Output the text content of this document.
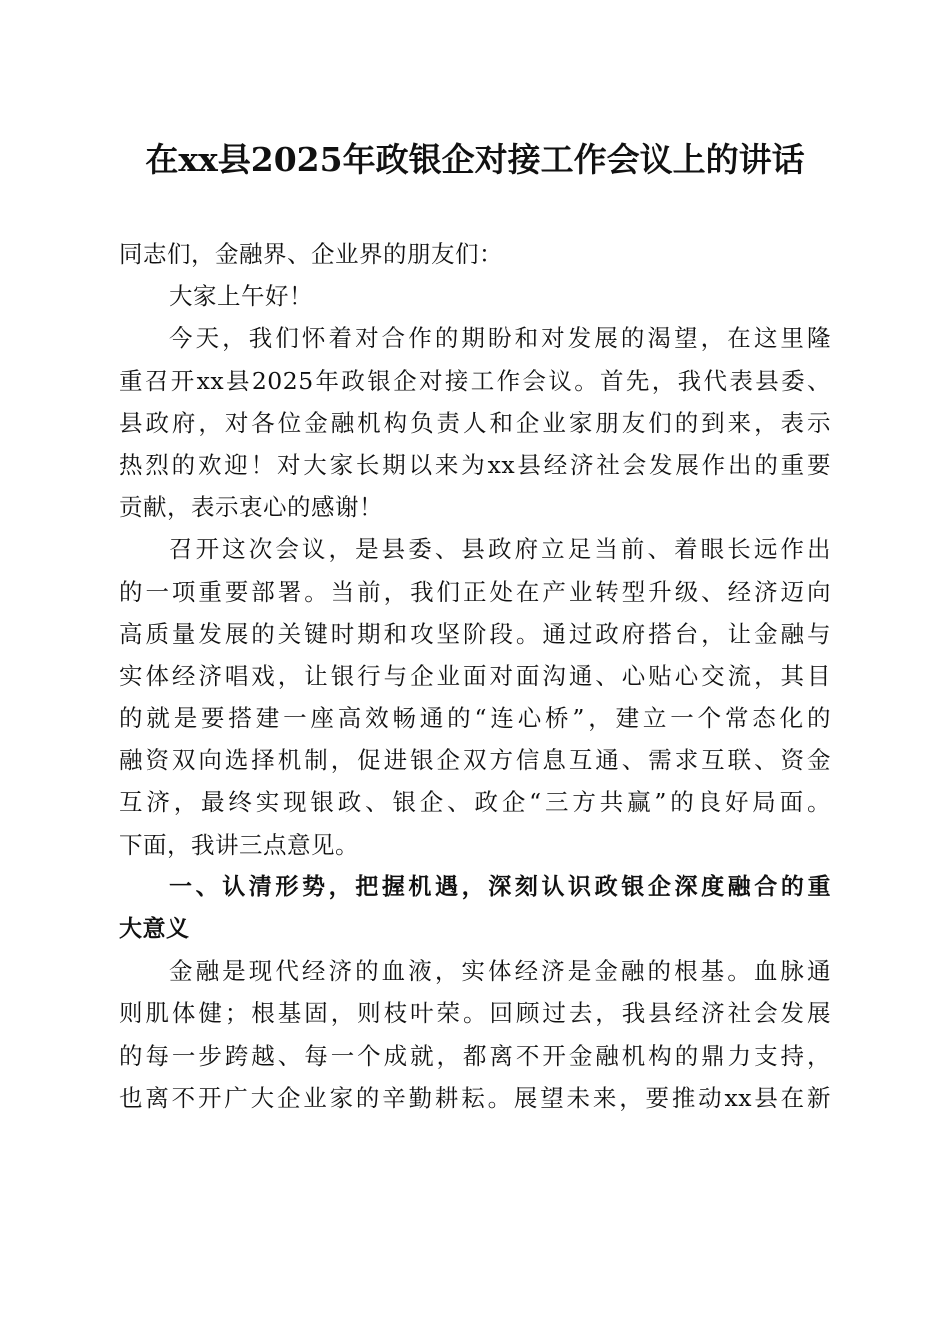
在xx县2025年政银企对接工作会议上的讲话
同志们，金融界、企业界的朋友们：
大家上午好！
今天，我们怀着对合作的期盼和对发展的渴望，在这里隆
重召开xx县2025年政银企对接工作会议。首先，我代表县委、
县政府，对各位金融机构负责人和企业家朋友们的到来，表示
热烈的欢迎！对大家长期以来为xx县经济社会发展作出的重要
贡献，表示衷心的感谢！
召开这次会议，是县委、县政府立足当前、着眼长远作出
的一项重要部署。当前，我们正处在产业转型升级、经济迈向
高质量发展的关键时期和攻坚阶段。通过政府搭台，让金融与
实体经济唱戏，让银行与企业面对面沟通、心贴心交流，其目
的就是要搭建一座高效畅通的“连心桥”，建立一个常态化的
融资双向选择机制，促进银企双方信息互通、需求互联、资金
互济，最终实现银政、银企、政企“三方共赢”的良好局面。
下面，我讲三点意见。
一、认清形势，把握机遇，深刻认识政银企深度融合的重
大意义
金融是现代经济的血液，实体经济是金融的根基。血脉通
则肌体健；根基固，则枝叶荣。回顾过去，我县经济社会发展
的每一步跨越、每一个成就，都离不开金融机构的鼎力支持，
也离不开广大企业家的辛勤耕耘。展望未来，要推动xx县在新
